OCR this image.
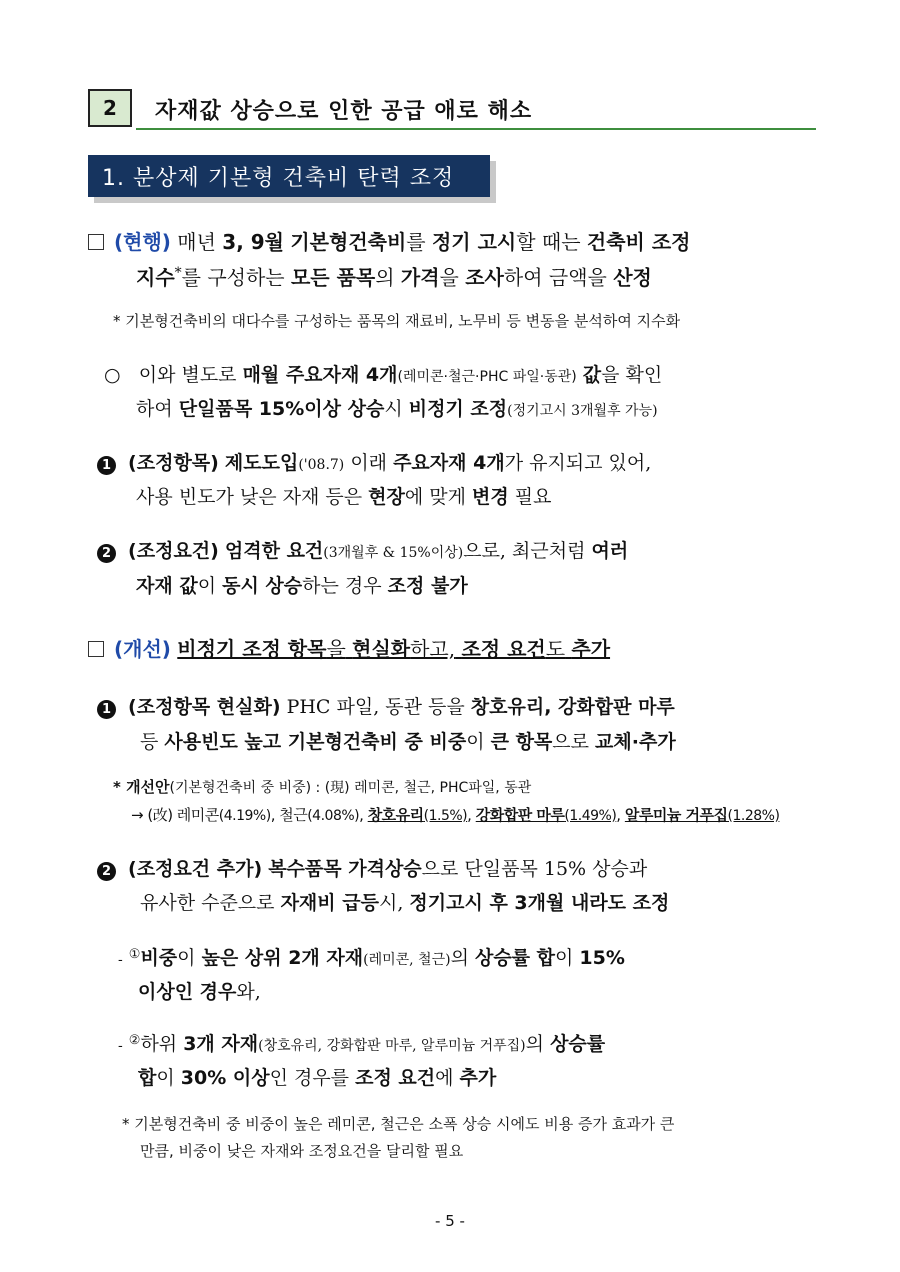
2 자재값 상승으로 인한 공급 애로 해소
1. 분상제 기본형 건축비 탄력 조정
(현행) 매년 3, 9월 기본형건축비를 정기 고시할 때는 건축비 조정
지수*를 구성하는 모든 품목의 가격을 조사하여 금액을 산정
* 기본형건축비의 대다수를 구성하는 품목의 재료비, 노무비 등 변동을 분석하여 지수화
○ 이와 별도로 매월 주요자재 4개(레미콘·철근·PHC 파일·동관) 값을 확인
하여 단일품목 15%이상 상승시 비정기 조정(정기고시 3개월후 가능)
1 (조정항목) 제도도입('08.7) 이래 주요자재 4개가 유지되고 있어,
사용 빈도가 낮은 자재 등은 현장에 맞게 변경 필요
2 (조정요건) 엄격한 요건(3개월후 & 15%이상)으로, 최근처럼 여러
자재 값이 동시 상승하는 경우 조정 불가
(개선) 비정기 조정 항목을 현실화하고, 조정 요건도 추가
1 (조정항목 현실화) PHC 파일, 동관 등을 창호유리, 강화합판 마루
등 사용빈도 높고 기본형건축비 중 비중이 큰 항목으로 교체·추가
* 개선안(기본형건축비 중 비중) : (現) 레미콘, 철근, PHC파일, 동관
→ (改) 레미콘(4.19%), 철근(4.08%), 창호유리(1.5%), 강화합판 마루(1.49%), 알루미늄 거푸집(1.28%)
2 (조정요건 추가) 복수품목 가격상승으로 단일품목 15% 상승과
유사한 수준으로 자재비 급등시, 정기고시 후 3개월 내라도 조정
- ①비중이 높은 상위 2개 자재(레미콘, 철근)의 상승률 합이 15%
이상인 경우와,
- ②하위 3개 자재(창호유리, 강화합판 마루, 알루미늄 거푸집)의 상승률
합이 30% 이상인 경우를 조정 요건에 추가
* 기본형건축비 중 비중이 높은 레미콘, 철근은 소폭 상승 시에도 비용 증가 효과가 큰
만큼, 비중이 낮은 자재와 조정요건을 달리할 필요
- 5 -
